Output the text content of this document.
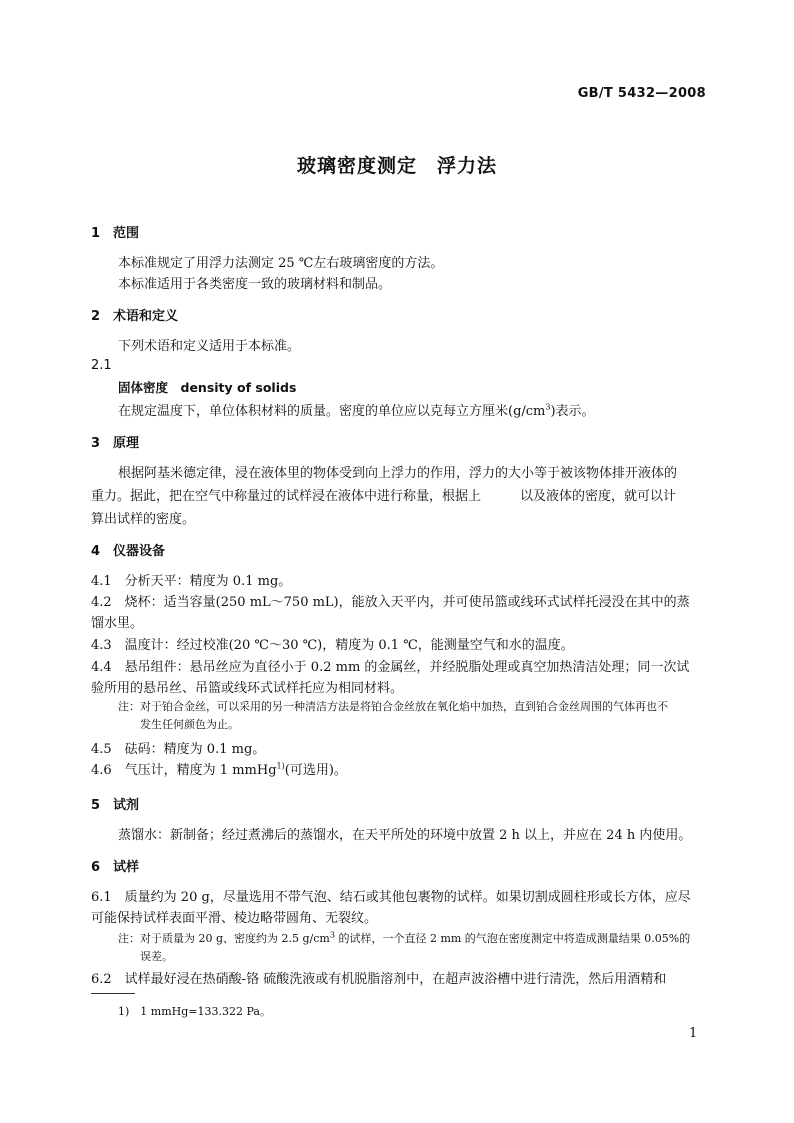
GB/T 5432—2008
玻璃密度测定　浮力法
1　范围
本标准规定了用浮力法测定 25 ℃左右玻璃密度的方法。
本标准适用于各类密度一致的玻璃材料和制品。
2　术语和定义
下列术语和定义适用于本标准。
2.1
固体密度　density of solids
在规定温度下，单位体积材料的质量。密度的单位应以克每立方厘米$(g/cm^3)$表示。
3　原理
根据阿基米德定律，浸在液体里的物体受到向上浮力的作用，浮力的大小等于被该物体排开液体的
重力。据此，把在空气中称量过的试样浸在液体中进行称量，根据上　　　以及液体的密度，就可以计
算出试样的密度。
4　仪器设备
4.1　分析天平：精度为 0.1 mg。
4.2　烧杯：适当容量(250 mL～750 mL)，能放入天平内，并可使吊篮或线环式试样托浸没在其中的蒸
馏水里。
4.3　温度计：经过校准(20 ℃～30 ℃)，精度为 0.1 ℃，能测量空气和水的温度。
4.4　悬吊组件：悬吊丝应为直径小于 0.2 mm 的金属丝，并经脱脂处理或真空加热清洁处理；同一次试
验所用的悬吊丝、吊篮或线环式试样托应为相同材料。
注：对于铂合金丝，可以采用的另一种清洁方法是将铂合金丝放在氧化焰中加热，直到铂合金丝周围的气体再也不
发生任何颜色为止。
4.5　砝码：精度为 0.1 mg。
4.6　气压计，精度为 1 mmHg$^{1)}$(可选用)。
5　试剂
蒸馏水：新制备；经过煮沸后的蒸馏水，在天平所处的环境中放置 2 h 以上，并应在 24 h 内使用。
6　试样
6.1　质量约为 20 g，尽量选用不带气泡、结石或其他包裹物的试样。如果切割成圆柱形或长方体，应尽
可能保持试样表面平滑、棱边略带圆角、无裂纹。
注：对于质量为 20 g、密度约为 2.5 $g/cm^3$ 的试样，一个直径 2 mm 的气泡在密度测定中将造成测量结果 0.05%的
误差。
6.2　试样最好浸在热硝酸-铬 硫酸洗液或有机脱脂溶剂中，在超声波浴槽中进行清洗，然后用酒精和
1)　1 mmHg=133.322 Pa。
1
